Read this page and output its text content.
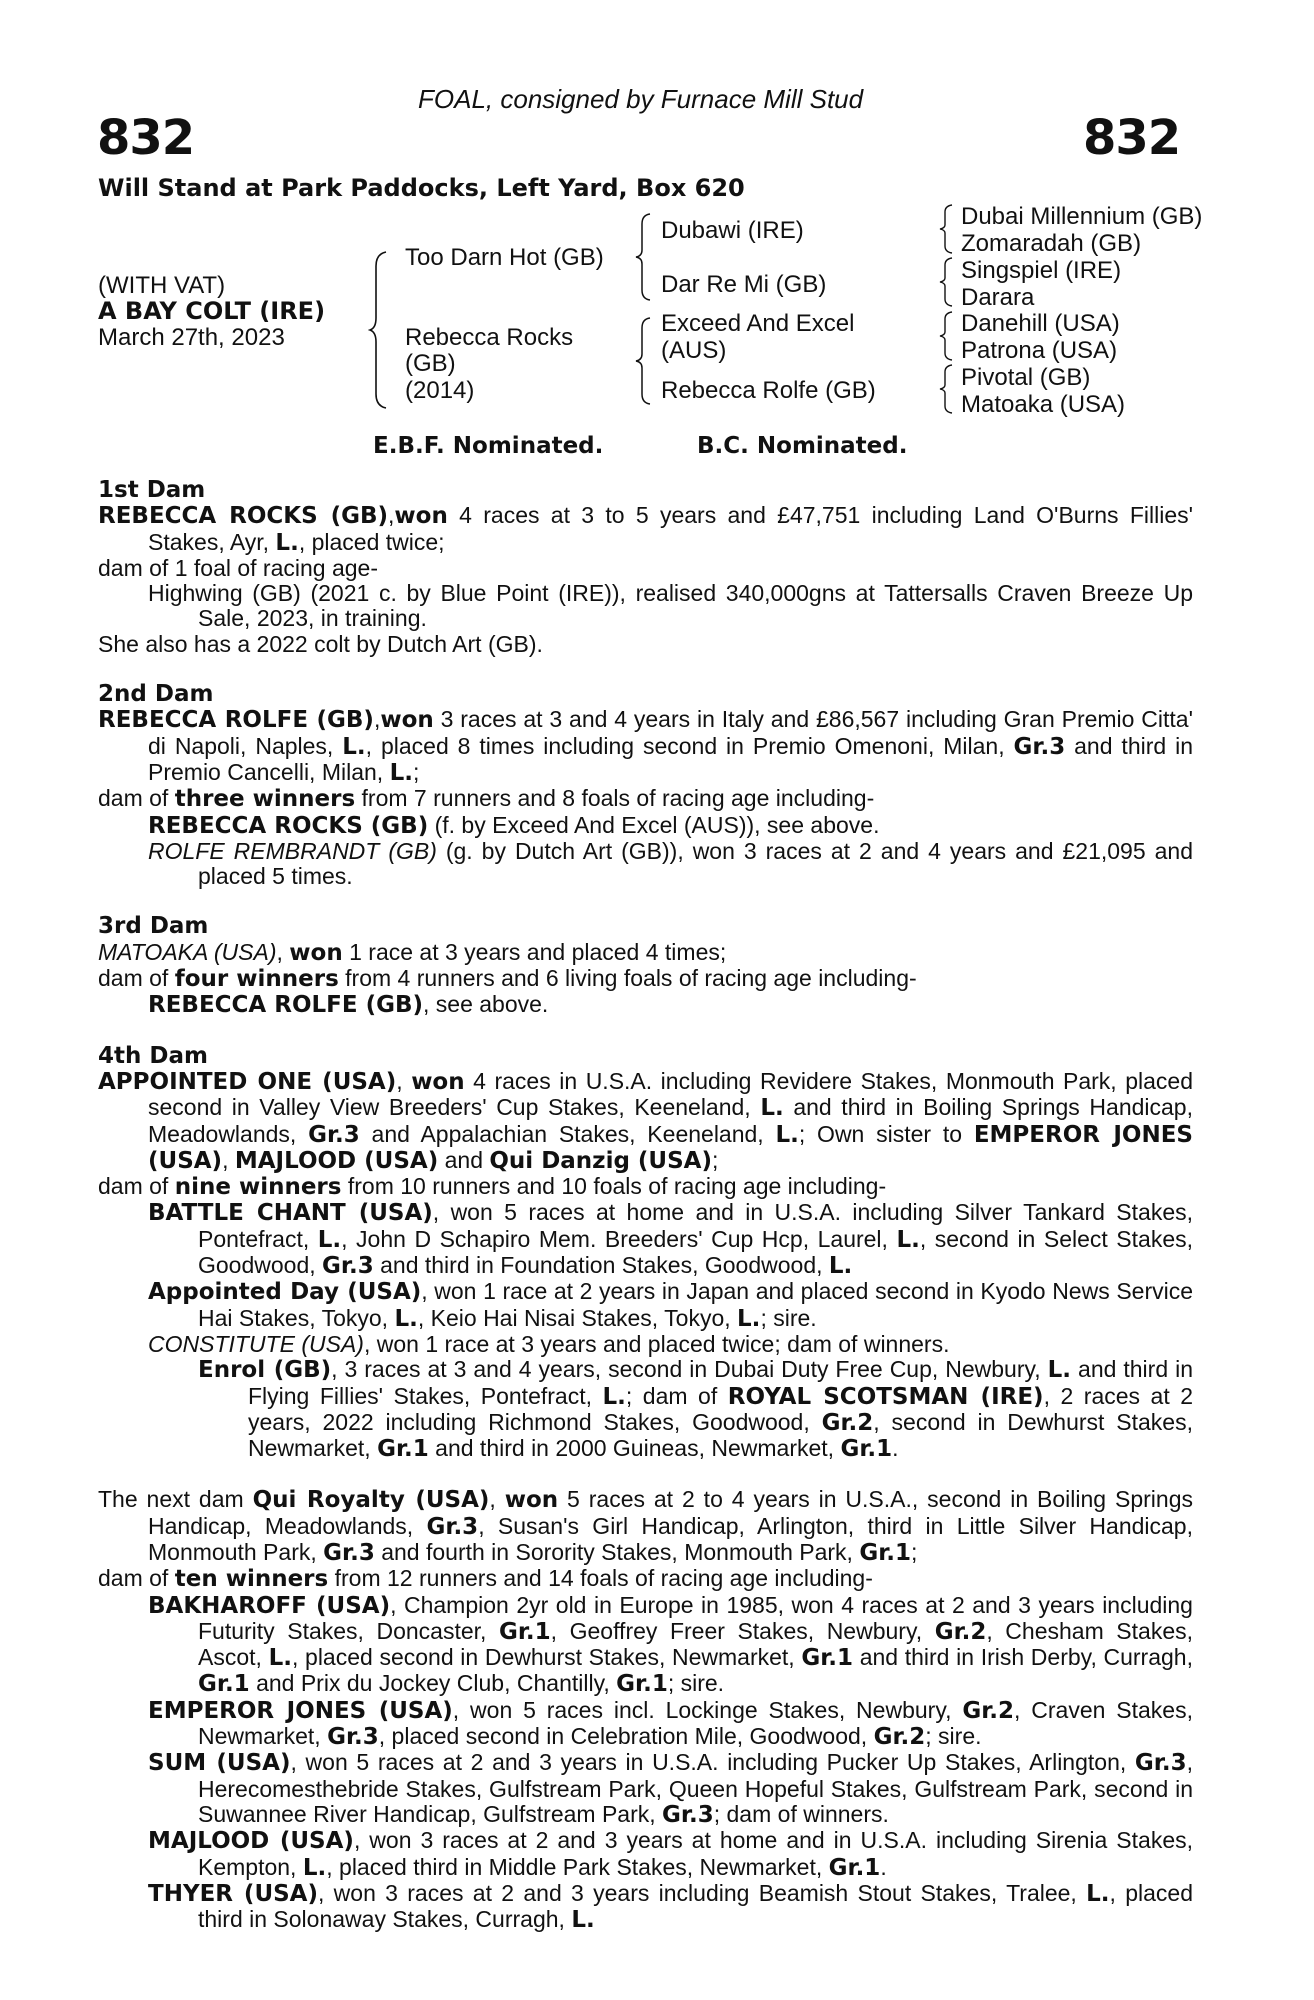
FOAL, consigned by Furnace Mill Stud
832	832
Will Stand at Park Paddocks, Left Yard, Box 620
(WITH VAT)
A BAY COLT (IRE)
March 27th, 2023
Too Darn Hot (GB)
Rebecca Rocks
(GB)
(2014)
Dubawi (IRE)
Dar Re Mi (GB)
Exceed And Excel
(AUS)
Rebecca Rolfe (GB)
Dubai Millennium (GB)
Zomaradah (GB)
Singspiel (IRE)
Darara
Danehill (USA)
Patrona (USA)
Pivotal (GB)
Matoaka (USA)
E.B.F. Nominated.	B.C. Nominated.

1st Dam

REBECCA ROCKS (GB),won 4 races at 3 to 5 years and £47,751 including Land O'Burns Fillies' Stakes, Ayr, L., placed twice;

dam of 1 foal of racing age-

Highwing (GB) (2021 c. by Blue Point (IRE)), realised 340,000gns at Tattersalls Craven Breeze Up Sale, 2023, in training.

She also has a 2022 colt by Dutch Art (GB).

2nd Dam

REBECCA ROLFE (GB),won 3 races at 3 and 4 years in Italy and £86,567 including Gran Premio Citta' di Napoli, Naples, L., placed 8 times including second in Premio Omenoni, Milan, Gr.3 and third in Premio Cancelli, Milan, L.;

dam of three winners from 7 runners and 8 foals of racing age including-

REBECCA ROCKS (GB) (f. by Exceed And Excel (AUS)), see above.

ROLFE REMBRANDT (GB) (g. by Dutch Art (GB)), won 3 races at 2 and 4 years and £21,095 and placed 5 times.

3rd Dam

MATOAKA (USA), won 1 race at 3 years and placed 4 times;

dam of four winners from 4 runners and 6 living foals of racing age including-

REBECCA ROLFE (GB), see above.

4th Dam

APPOINTED ONE (USA), won 4 races in U.S.A. including Revidere Stakes, Monmouth Park, placed second in Valley View Breeders' Cup Stakes, Keeneland, L. and third in Boiling Springs Handicap, Meadowlands, Gr.3 and Appalachian Stakes, Keeneland, L.; Own sister to EMPEROR JONES (USA), MAJLOOD (USA) and Qui Danzig (USA);

dam of nine winners from 10 runners and 10 foals of racing age including-

BATTLE CHANT (USA), won 5 races at home and in U.S.A. including Silver Tankard Stakes, Pontefract, L., John D Schapiro Mem. Breeders' Cup Hcp, Laurel, L., second in Select Stakes, Goodwood, Gr.3 and third in Foundation Stakes, Goodwood, L.

Appointed Day (USA), won 1 race at 2 years in Japan and placed second in Kyodo News Service Hai Stakes, Tokyo, L., Keio Hai Nisai Stakes, Tokyo, L.; sire.

CONSTITUTE (USA), won 1 race at 3 years and placed twice; dam of winners.

Enrol (GB), 3 races at 3 and 4 years, second in Dubai Duty Free Cup, Newbury, L. and third in Flying Fillies' Stakes, Pontefract, L.; dam of ROYAL SCOTSMAN (IRE), 2 races at 2 years, 2022 including Richmond Stakes, Goodwood, Gr.2, second in Dewhurst Stakes, Newmarket, Gr.1 and third in 2000 Guineas, Newmarket, Gr.1.

The next dam Qui Royalty (USA), won 5 races at 2 to 4 years in U.S.A., second in Boiling Springs Handicap, Meadowlands, Gr.3, Susan's Girl Handicap, Arlington, third in Little Silver Handicap, Monmouth Park, Gr.3 and fourth in Sorority Stakes, Monmouth Park, Gr.1;

dam of ten winners from 12 runners and 14 foals of racing age including-

BAKHAROFF (USA), Champion 2yr old in Europe in 1985, won 4 races at 2 and 3 years including Futurity Stakes, Doncaster, Gr.1, Geoffrey Freer Stakes, Newbury, Gr.2, Chesham Stakes, Ascot, L., placed second in Dewhurst Stakes, Newmarket, Gr.1 and third in Irish Derby, Curragh, Gr.1 and Prix du Jockey Club, Chantilly, Gr.1; sire.

EMPEROR JONES (USA), won 5 races incl. Lockinge Stakes, Newbury, Gr.2, Craven Stakes, Newmarket, Gr.3, placed second in Celebration Mile, Goodwood, Gr.2; sire.

SUM (USA), won 5 races at 2 and 3 years in U.S.A. including Pucker Up Stakes, Arlington, Gr.3, Herecomesthebride Stakes, Gulfstream Park, Queen Hopeful Stakes, Gulfstream Park, second in Suwannee River Handicap, Gulfstream Park, Gr.3; dam of winners.

MAJLOOD (USA), won 3 races at 2 and 3 years at home and in U.S.A. including Sirenia Stakes, Kempton, L., placed third in Middle Park Stakes, Newmarket, Gr.1.

THYER (USA), won 3 races at 2 and 3 years including Beamish Stout Stakes, Tralee, L., placed third in Solonaway Stakes, Curragh, L.
